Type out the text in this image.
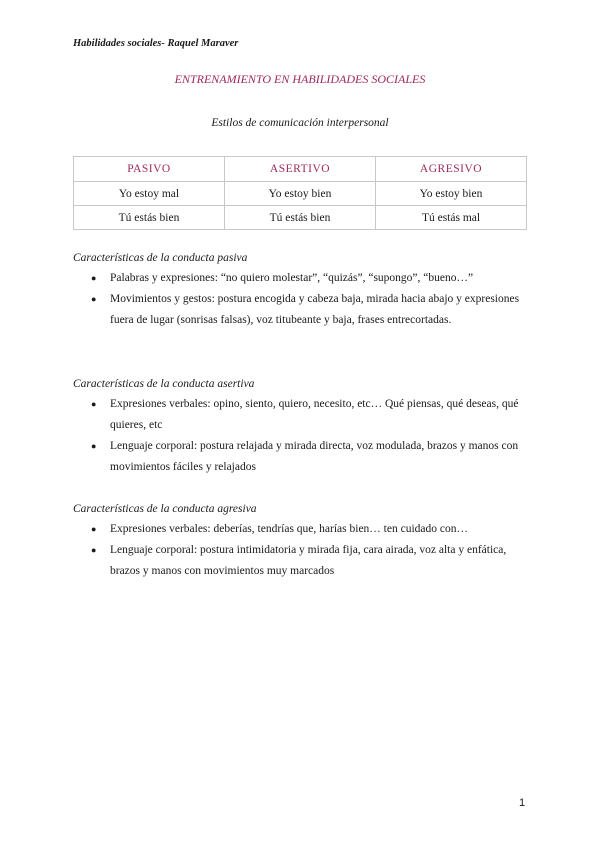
Habilidades sociales- Raquel Maraver
ENTRENAMIENTO EN HABILIDADES SOCIALES
Estilos de comunicación interpersonal
PASIVO	ASERTIVO	AGRESIVO
Yo estoy mal	Yo estoy bien	Yo estoy bien
Tú estás bien	Tú estás bien	Tú estás mal
Características de la conducta pasiva
● Palabras y expresiones: “no quiero molestar”, “quizás”, “supongo”, “bueno…”
● Movimientos y gestos: postura encogida y cabeza baja, mirada hacia abajo y expresiones fuera de lugar (sonrisas falsas), voz titubeante y baja, frases entrecortadas.
Características de la conducta asertiva
● Expresiones verbales: opino, siento, quiero, necesito, etc… Qué piensas, qué deseas, qué quieres, etc
● Lenguaje corporal: postura relajada y mirada directa, voz modulada, brazos y manos con movimientos fáciles y relajados
Características de la conducta agresiva
● Expresiones verbales: deberías, tendrías que, harías bien… ten cuidado con…
● Lenguaje corporal: postura intimidatoria y mirada fija, cara airada, voz alta y enfática, brazos y manos con movimientos muy marcados
1
